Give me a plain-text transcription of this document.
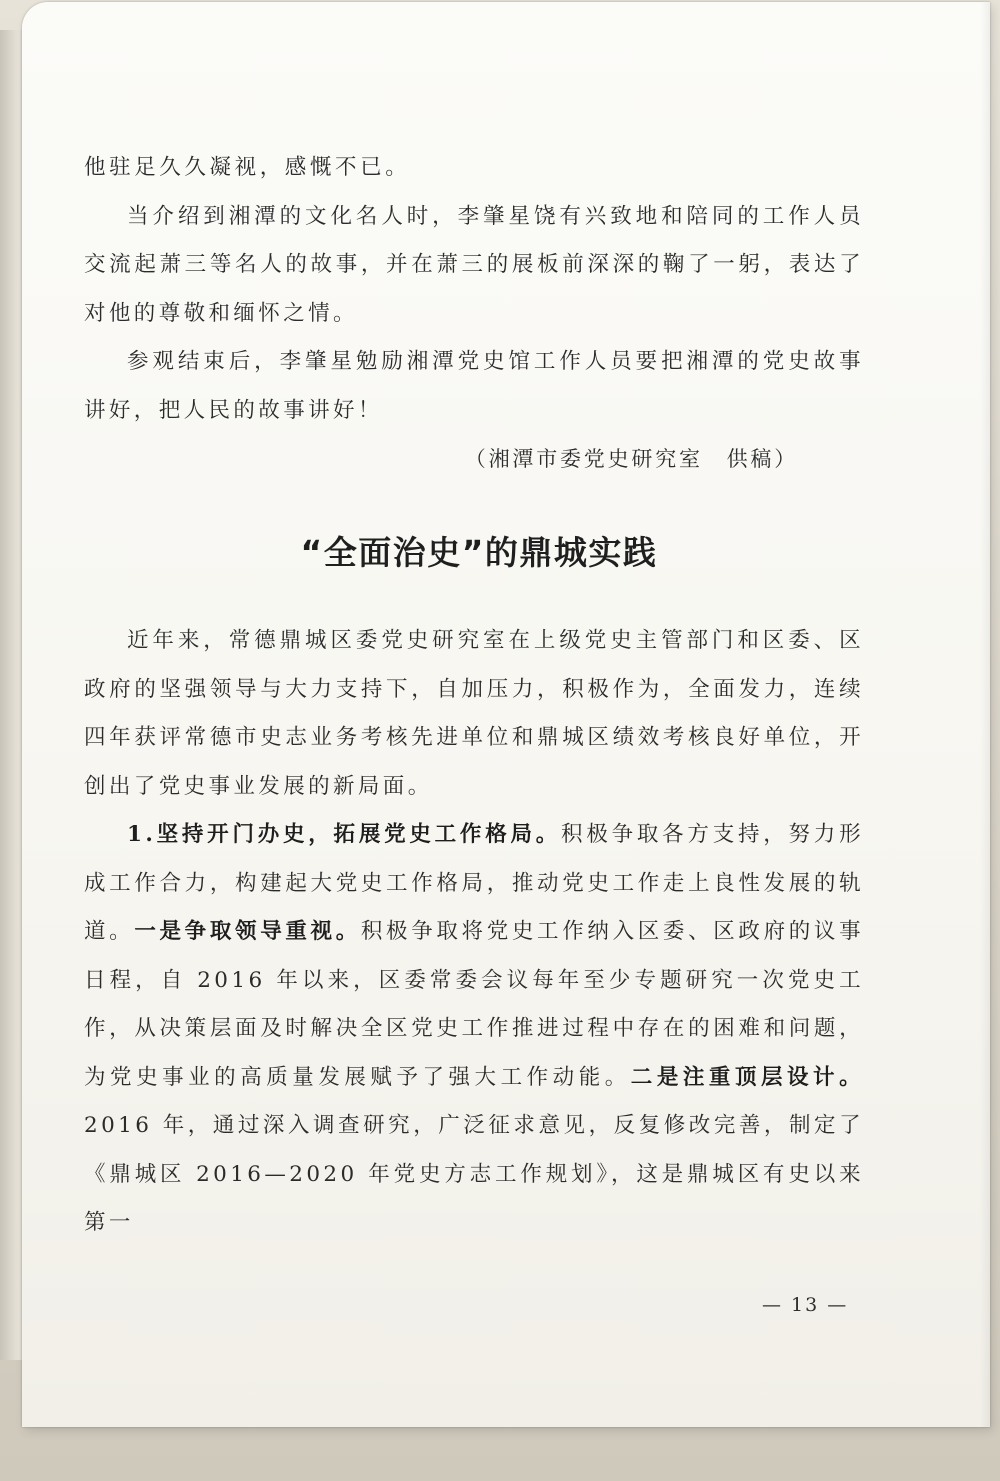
他驻足久久凝视，感慨不已。

当介绍到湘潭的文化名人时，李肇星饶有兴致地和陪同的工作人员交流起萧三等名人的故事，并在萧三的展板前深深的鞠了一躬，表达了对他的尊敬和缅怀之情。

参观结束后，李肇星勉励湘潭党史馆工作人员要把湘潭的党史故事讲好，把人民的故事讲好！

（湘潭市委党史研究室　供稿）

“全面治史”的鼎城实践

近年来，常德鼎城区委党史研究室在上级党史主管部门和区委、区政府的坚强领导与大力支持下，自加压力，积极作为，全面发力，连续四年获评常德市史志业务考核先进单位和鼎城区绩效考核良好单位，开创出了党史事业发展的新局面。

1.坚持开门办史，拓展党史工作格局。积极争取各方支持，努力形成工作合力，构建起大党史工作格局，推动党史工作走上良性发展的轨道。一是争取领导重视。积极争取将党史工作纳入区委、区政府的议事日程，自 2016 年以来，区委常委会议每年至少专题研究一次党史工作，从决策层面及时解决全区党史工作推进过程中存在的困难和问题，为党史事业的高质量发展赋予了强大工作动能。二是注重顶层设计。2016 年，通过深入调查研究，广泛征求意见，反复修改完善，制定了《鼎城区 2016—2020 年党史方志工作规划》，这是鼎城区有史以来第一

— 13 —
